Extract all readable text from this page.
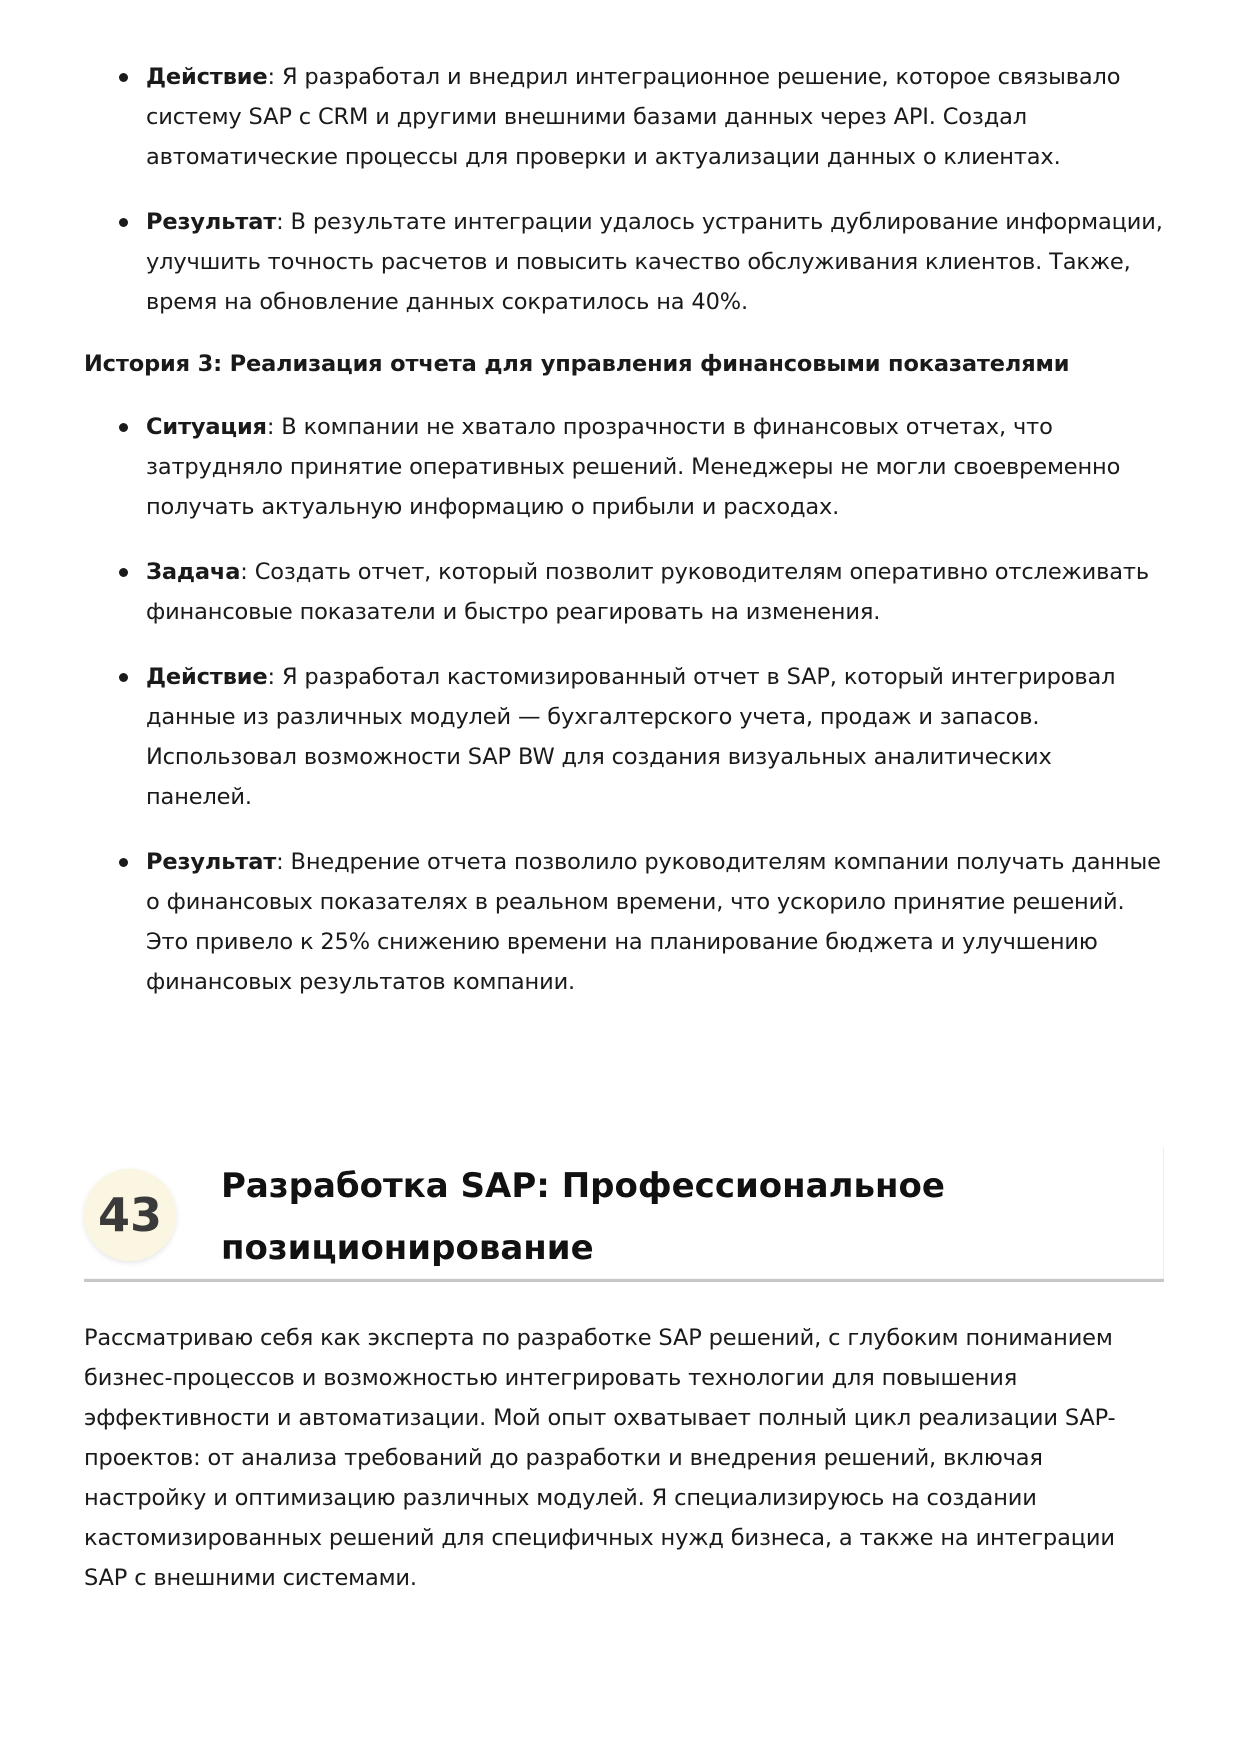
Действие: Я разработал и внедрил интеграционное решение, которое связывало систему SAP с CRM и другими внешними базами данных через API. Создал автоматические процессы для проверки и актуализации данных о клиентах.
Результат: В результате интеграции удалось устранить дублирование информации, улучшить точность расчетов и повысить качество обслуживания клиентов. Также, время на обновление данных сократилось на 40%.

История 3: Реализация отчета для управления финансовыми показателями

Ситуация: В компании не хватало прозрачности в финансовых отчетах, что затрудняло принятие оперативных решений. Менеджеры не могли своевременно получать актуальную информацию о прибыли и расходах.
Задача: Создать отчет, который позволит руководителям оперативно отслеживать финансовые показатели и быстро реагировать на изменения.
Действие: Я разработал кастомизированный отчет в SAP, который интегрировал данные из различных модулей — бухгалтерского учета, продаж и запасов. Использовал возможности SAP BW для создания визуальных аналитических панелей.
Результат: Внедрение отчета позволило руководителям компании получать данные о финансовых показателях в реальном времени, что ускорило принятие решений. Это привело к 25% снижению времени на планирование бюджета и улучшению финансовых результатов компании.
43
Разработка SAP: Профессиональное позиционирование

Рассматриваю себя как эксперта по разработке SAP решений, с глубоким пониманием бизнес-процессов и возможностью интегрировать технологии для повышения эффективности и автоматизации. Мой опыт охватывает полный цикл реализации SAP-проектов: от анализа требований до разработки и внедрения решений, включая настройку и оптимизацию различных модулей. Я специализируюсь на создании кастомизированных решений для специфичных нужд бизнеса, а также на интеграции SAP с внешними системами.
